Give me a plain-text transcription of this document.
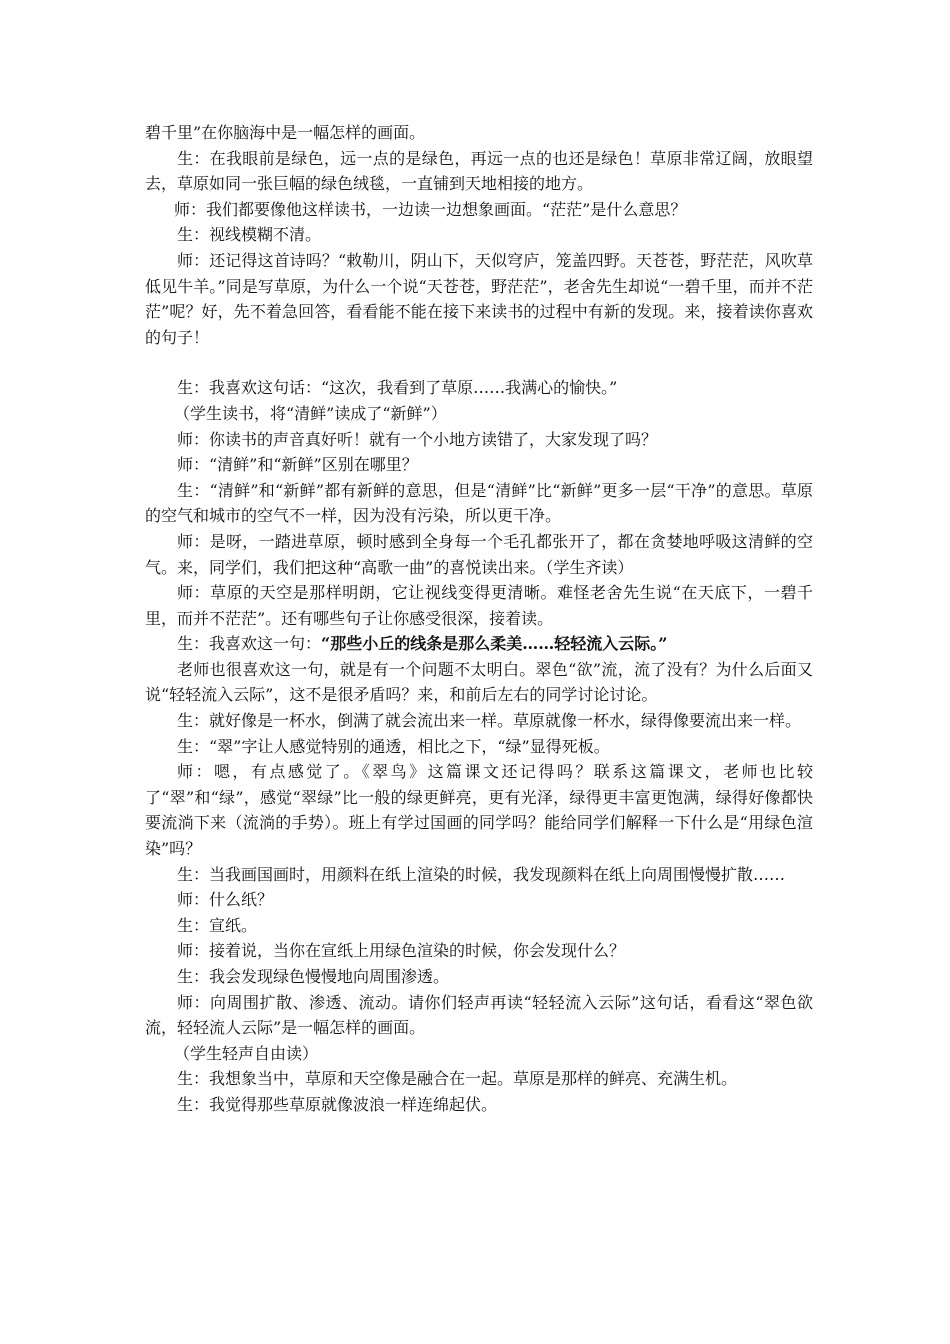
碧千里”在你脑海中是一幅怎样的画面。

生：在我眼前是绿色，远一点的是绿色，再远一点的也还是绿色！草原非常辽阔，放眼望去，草原如同一张巨幅的绿色绒毯，一直铺到天地相接的地方。

师：我们都要像他这样读书，一边读一边想象画面。“茫茫”是什么意思？

生：视线模糊不清。

师：还记得这首诗吗？“敕勒川，阴山下，天似穹庐，笼盖四野。天苍苍，野茫茫，风吹草低见牛羊。”同是写草原，为什么一个说“天苍苍，野茫茫”，老舍先生却说“一碧千里，而并不茫茫”呢？好，先不着急回答，看看能不能在接下来读书的过程中有新的发现。来，接着读你喜欢的句子！

生：我喜欢这句话：“这次，我看到了草原……我满心的愉快。”

（学生读书，将“清鲜”读成了“新鲜”）

师：你读书的声音真好听！就有一个小地方读错了，大家发现了吗？

师：“清鲜”和“新鲜”区别在哪里？

生：“清鲜”和“新鲜”都有新鲜的意思，但是“清鲜”比“新鲜”更多一层“干净”的意思。草原的空气和城市的空气不一样，因为没有污染，所以更干净。

师：是呀，一踏进草原，顿时感到全身每一个毛孔都张开了，都在贪婪地呼吸这清鲜的空气。来，同学们，我们把这种“高歌一曲”的喜悦读出来。（学生齐读）

师：草原的天空是那样明朗，它让视线变得更清晰。难怪老舍先生说“在天底下，一碧千里，而并不茫茫”。还有哪些句子让你感受很深，接着读。

生：我喜欢这一句：“那些小丘的线条是那么柔美……轻轻流入云际。”

老师也很喜欢这一句，就是有一个问题不太明白。翠色“欲”流，流了没有？为什么后面又说“轻轻流入云际”，这不是很矛盾吗？来，和前后左右的同学讨论讨论。

生：就好像是一杯水，倒满了就会流出来一样。草原就像一杯水，绿得像要流出来一样。

生：“翠”字让人感觉特别的通透，相比之下，“绿”显得死板。

师：嗯，有点感觉了。《翠鸟》这篇课文还记得吗？联系这篇课文，老师也比较了“翠”和“绿”，感觉“翠绿”比一般的绿更鲜亮，更有光泽，绿得更丰富更饱满，绿得好像都快要流淌下来（流淌的手势）。班上有学过国画的同学吗？能给同学们解释一下什么是“用绿色渲染”吗？

生：当我画国画时，用颜料在纸上渲染的时候，我发现颜料在纸上向周围慢慢扩散……

师：什么纸？

生：宣纸。

师：接着说，当你在宣纸上用绿色渲染的时候，你会发现什么？

生：我会发现绿色慢慢地向周围渗透。

师：向周围扩散、渗透、流动。请你们轻声再读“轻轻流入云际”这句话，看看这“翠色欲流，轻轻流人云际”是一幅怎样的画面。

（学生轻声自由读）

生：我想象当中，草原和天空像是融合在一起。草原是那样的鲜亮、充满生机。

生：我觉得那些草原就像波浪一样连绵起伏。
